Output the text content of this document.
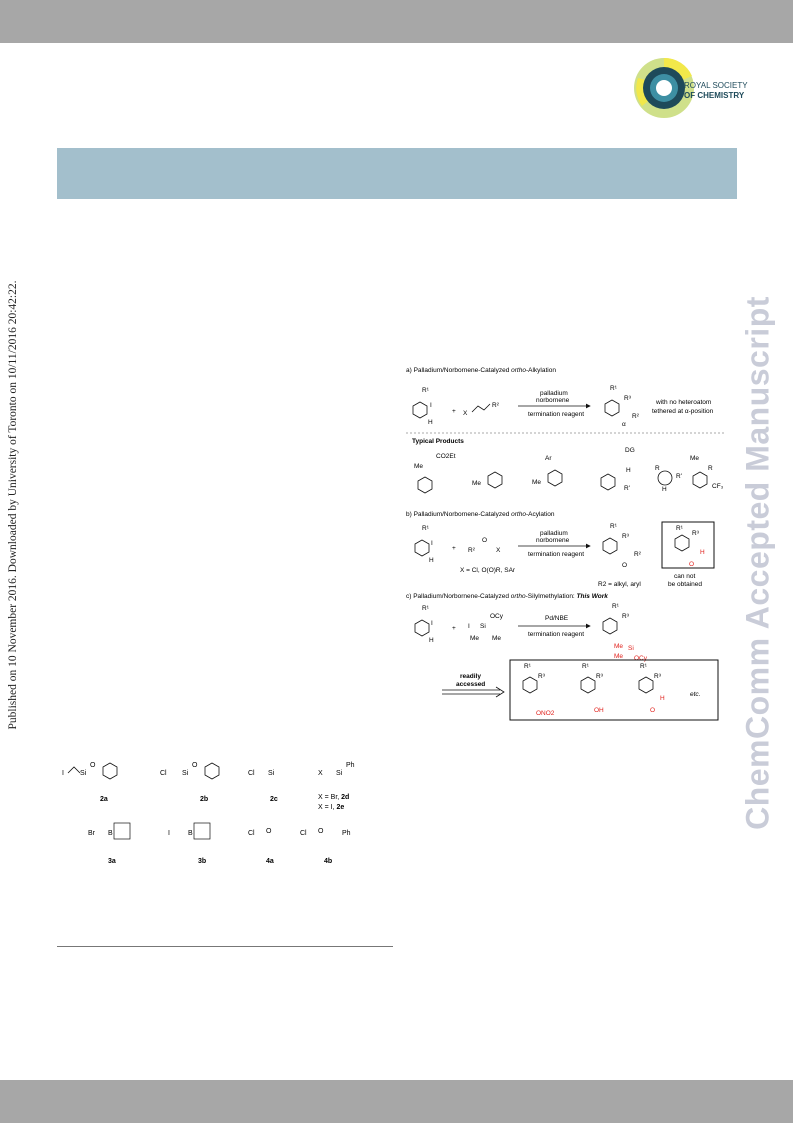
ROYAL SOCIETY
OF CHEMISTRY
Published on 10 November 2016. Downloaded by University of Toronto on 10/11/2016 20:42:22.	ChemComm Accepted Manuscript
a) Palladium/Norbornene-Catalyzed ortho-Alkylation
R¹
I
H
+ X
R²
palladium
norbornene
termination reagent
R¹
R³
R²
α
with no heteroatom
tethered at α-position
Typical Products
CO2Et
Me
Me	Me
Ar
DG
H
R'
R
R'
H
Me
R
CF₃
b) Palladium/Norbornene-Catalyzed ortho-Acylation
R¹
I
H
+ R²
O
X
X = Cl, O(O)R, SAr
palladium
norbornene
termination reagent
R¹
R³
R²
O
R2 = alkyl, aryl
R¹
R³
H
O
can not
be obtained
c) Palladium/Norbornene-Catalyzed ortho-Silylmethylation: This Work
R¹
I
H
+ I Si
OCy
Me Me
Pd/NBE
termination reagent
R¹
R³
Me Si
Me OCy
readily
accessed
R¹
R³
ONO2
R¹
R³
OH
R¹
R³
H
O
etc.
I Si
O
2a
Cl Si
O
2b
Cl Si
2c
X Si
Ph
X = Br, 2d
X = I, 2e
Br B
3a
I	B
3b
Cl O
4a
Cl O	Ph
4b
